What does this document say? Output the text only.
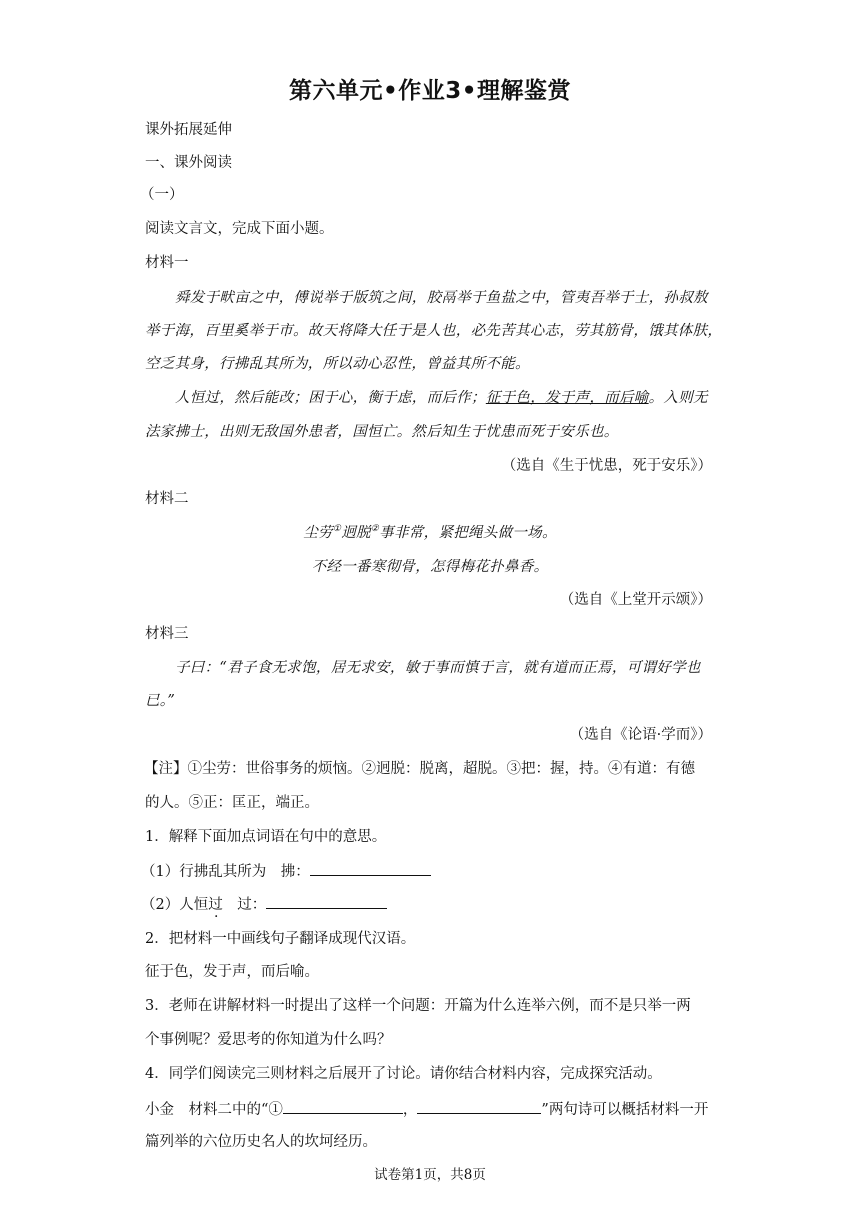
第六单元•作业3•理解鉴赏
课外拓展延伸
一、课外阅读
（一）
阅读文言文，完成下面小题。
材料一
舜发于畎亩之中，傅说举于版筑之间，胶鬲举于鱼盐之中，管夷吾举于士，孙叔敖
举于海，百里奚举于市。故天将降大任于是人也，必先苦其心志，劳其筋骨，饿其体肤，
空乏其身，行拂乱其所为，所以动心忍性，曾益其所不能。
人恒过，然后能改；困于心，衡于虑，而后作；征于色，发于声，而后喻。入则无
法家拂士，出则无敌国外患者，国恒亡。然后知生于忧患而死于安乐也。
（选自《生于忧患，死于安乐》）
材料二
尘劳①迥脱②事非常，紧把绳头做一场。
不经一番寒彻骨，怎得梅花扑鼻香。
（选自《上堂开示颂》）
材料三
子曰：“君子食无求饱，居无求安，敏于事而慎于言，就有道而正焉，可谓好学也
已。”
（选自《论语·学而》）
【注】①尘劳：世俗事务的烦恼。②迥脱：脱离，超脱。③把：握，持。④有道：有德
的人。⑤正：匡正，端正。
1．解释下面加点词语在句中的意思。
（1）行拂乱其所为　拂：
（2）人恒过　过：
2．把材料一中画线句子翻译成现代汉语。
征于色，发于声，而后喻。
3．老师在讲解材料一时提出了这样一个问题：开篇为什么连举六例，而不是只举一两
个事例呢？爱思考的你知道为什么吗？
4．同学们阅读完三则材料之后展开了讨论。请你结合材料内容，完成探究活动。
小金　材料二中的“①	，	”两句诗可以概括材料一开
篇列举的六位历史名人的坎坷经历。
试卷第1页，共8页
